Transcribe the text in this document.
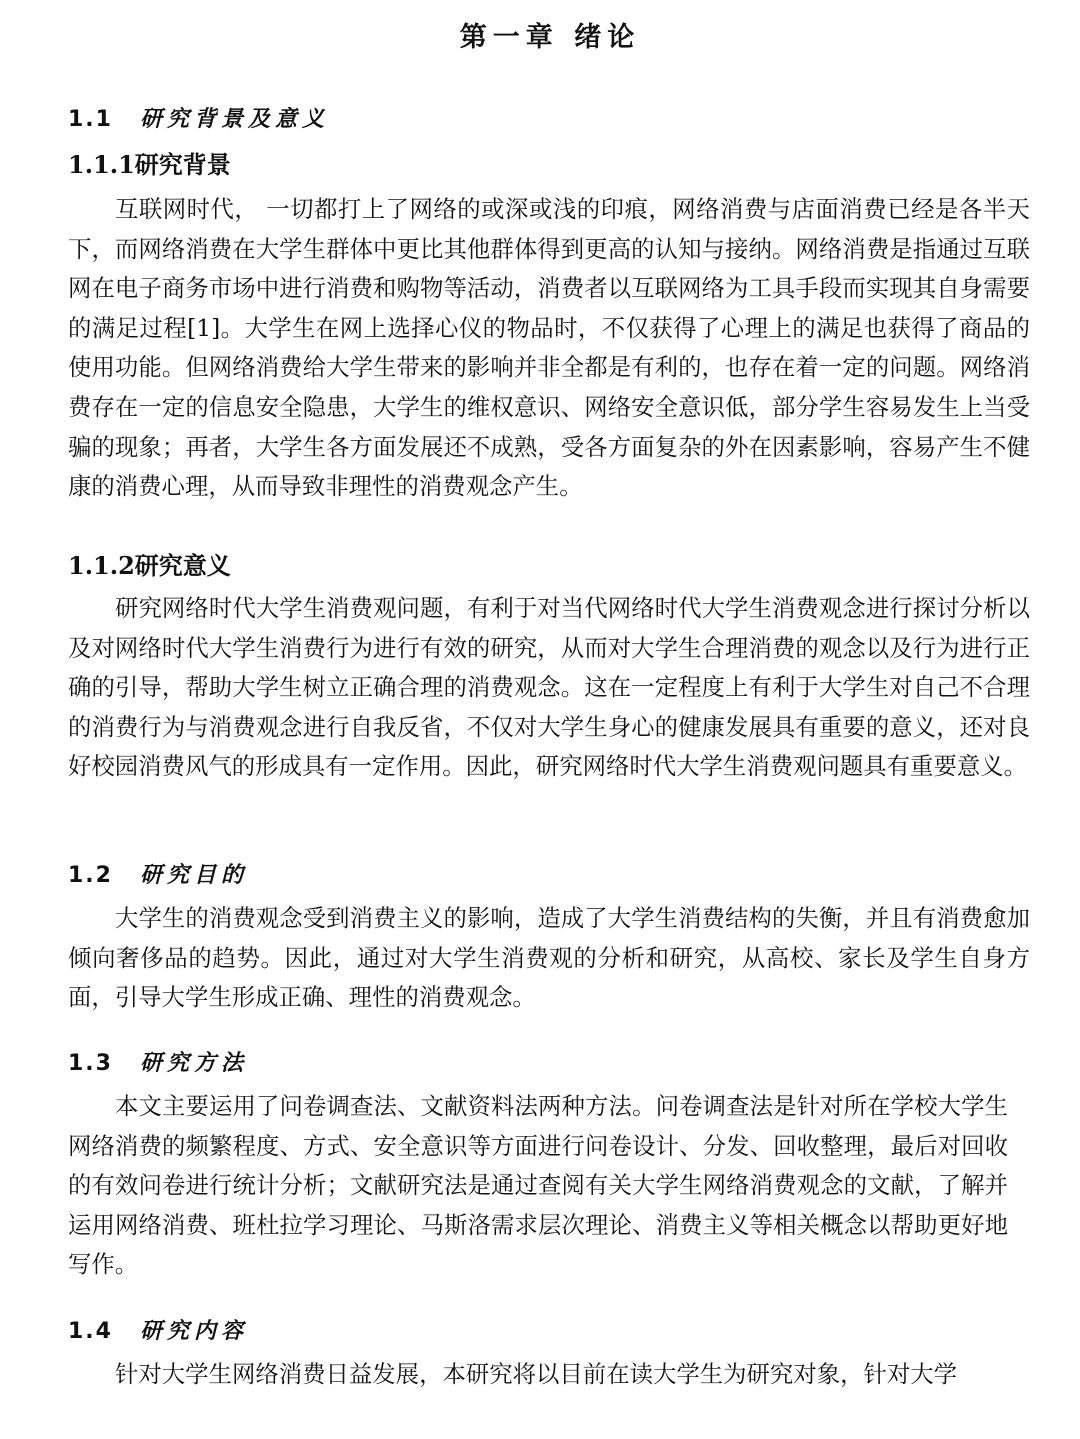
第一章 绪论
1.1 研究背景及意义
1.1.1研究背景

互联网时代， 一切都打上了网络的或深或浅的印痕，网络消费与店面消费已经是各半天下，而网络消费在大学生群体中更比其他群体得到更高的认知与接纳。网络消费是指通过互联网在电子商务市场中进行消费和购物等活动，消费者以互联网络为工具手段而实现其自身需要的满足过程[1]。大学生在网上选择心仪的物品时，不仅获得了心理上的满足也获得了商品的使用功能。但网络消费给大学生带来的影响并非全都是有利的，也存在着一定的问题。网络消费存在一定的信息安全隐患，大学生的维权意识、网络安全意识低，部分学生容易发生上当受骗的现象；再者，大学生各方面发展还不成熟，受各方面复杂的外在因素影响，容易产生不健康的消费心理，从而导致非理性的消费观念产生。

1.1.2研究意义

研究网络时代大学生消费观问题，有利于对当代网络时代大学生消费观念进行探讨分析以及对网络时代大学生消费行为进行有效的研究，从而对大学生合理消费的观念以及行为进行正确的引导，帮助大学生树立正确合理的消费观念。这在一定程度上有利于大学生对自己不合理的消费行为与消费观念进行自我反省，不仅对大学生身心的健康发展具有重要的意义，还对良好校园消费风气的形成具有一定作用。因此，研究网络时代大学生消费观问题具有重要意义。

1.2 研究目的

大学生的消费观念受到消费主义的影响，造成了大学生消费结构的失衡，并且有消费愈加倾向奢侈品的趋势。因此，通过对大学生消费观的分析和研究，从高校、家长及学生自身方面，引导大学生形成正确、理性的消费观念。

1.3 研究方法

本文主要运用了问卷调查法、文献资料法两种方法。问卷调查法是针对所在学校大学生网络消费的频繁程度、方式、安全意识等方面进行问卷设计、分发、回收整理，最后对回收的有效问卷进行统计分析；文献研究法是通过查阅有关大学生网络消费观念的文献，了解并运用网络消费、班杜拉学习理论、马斯洛需求层次理论、消费主义等相关概念以帮助更好地写作。

1.4 研究内容

针对大学生网络消费日益发展，本研究将以目前在读大学生为研究对象，针对大学
